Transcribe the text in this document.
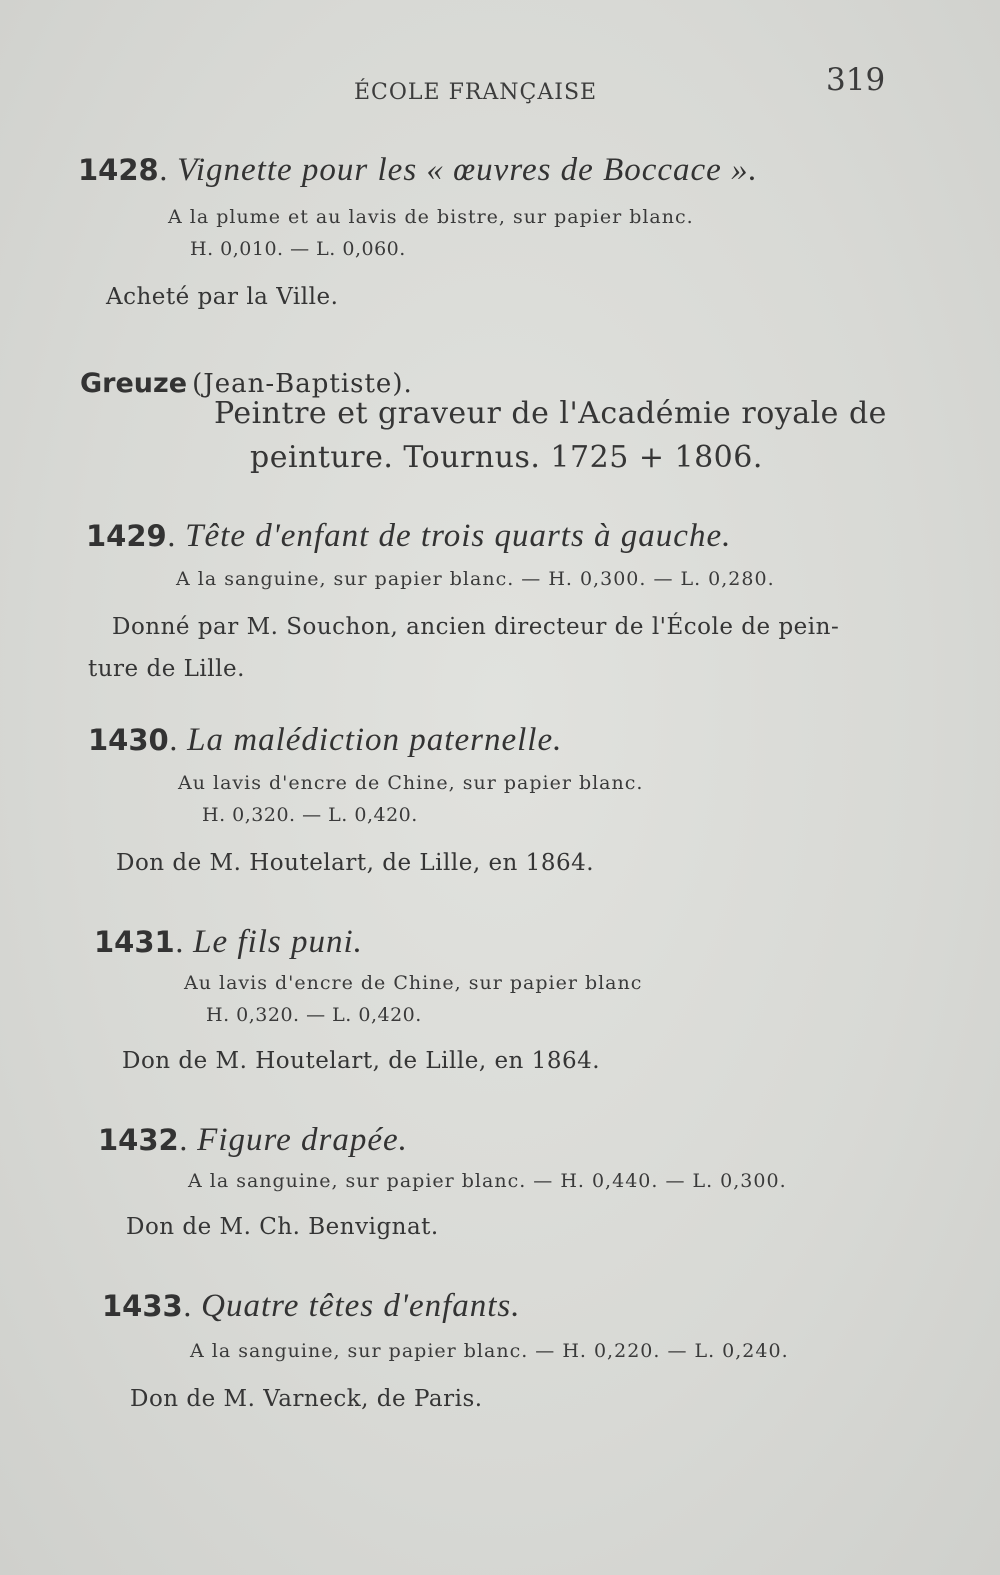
ÉCOLE FRANÇAISE	319
1428. Vignette pour les « œuvres de Boccace ».
A la plume et au lavis de bistre, sur papier blanc.
H. 0,010. — L. 0,060.
Acheté par la Ville.
Greuze (Jean-Baptiste).
Peintre et graveur de l'Académie royale de
peinture. Tournus. 1725 + 1806.
1429. Tête d'enfant de trois quarts à gauche.
A la sanguine, sur papier blanc. — H. 0,300. — L. 0,280.
Donné par M. Souchon, ancien directeur de l'École de pein-
ture de Lille.
1430. La malédiction paternelle.
Au lavis d'encre de Chine, sur papier blanc.
H. 0,320. — L. 0,420.
Don de M. Houtelart, de Lille, en 1864.
1431. Le fils puni.
Au lavis d'encre de Chine, sur papier blanc
H. 0,320. — L. 0,420.
Don de M. Houtelart, de Lille, en 1864.
1432. Figure drapée.
A la sanguine, sur papier blanc. — H. 0,440. — L. 0,300.
Don de M. Ch. Benvignat.
1433. Quatre têtes d'enfants.
A la sanguine, sur papier blanc. — H. 0,220. — L. 0,240.
Don de M. Varneck, de Paris.
